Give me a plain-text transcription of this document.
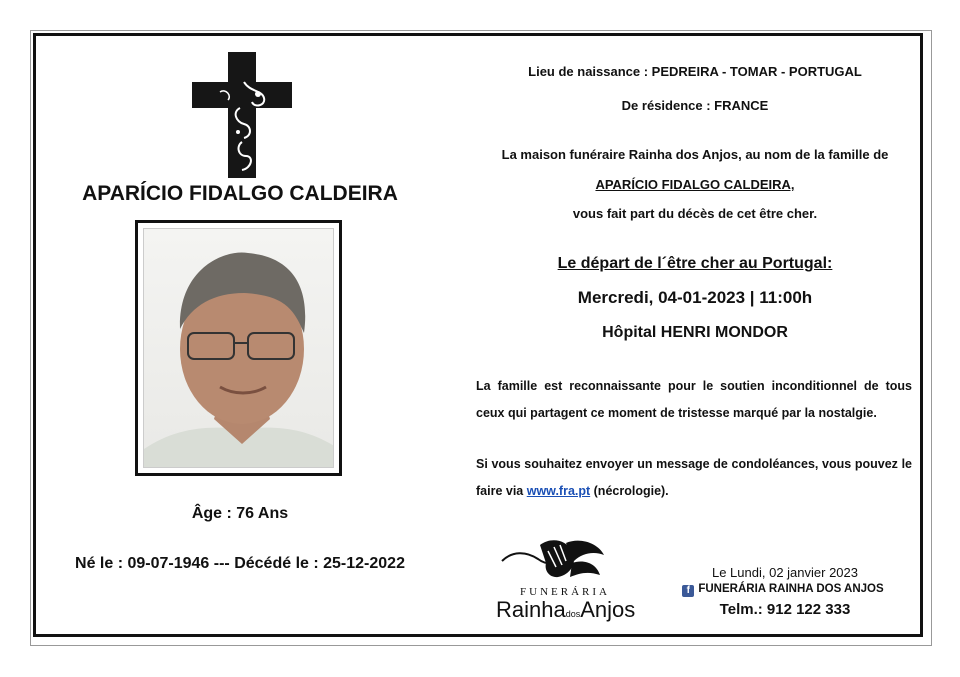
APARÍCIO FIDALGO CALDEIRA
Âge : 76 Ans
Né le : 09-07-1946 --- Décédé le : 25-12-2022
Lieu de naissance : PEDREIRA - TOMAR - PORTUGAL
De résidence : FRANCE
La maison funéraire Rainha dos Anjos, au nom de la famille de
APARÍCIO FIDALGO CALDEIRA,
vous fait part du décès de cet être cher.
Le départ de l´être cher au Portugal:
Mercredi, 04-01-2023 | 11:00h
Hôpital HENRI MONDOR
La famille est reconnaissante pour le soutien inconditionnel de tous ceux qui partagent ce moment de tristesse marqué par la nostalgie.
Si vous souhaitez envoyer un message de condoléances, vous pouvez le faire via www.fra.pt (nécrologie).
FUNERÁRIA
RainhadosAnjos
Le Lundi, 02 janvier 2023
f FUNERÁRIA RAINHA DOS ANJOS
Telm.: 912 122 333
